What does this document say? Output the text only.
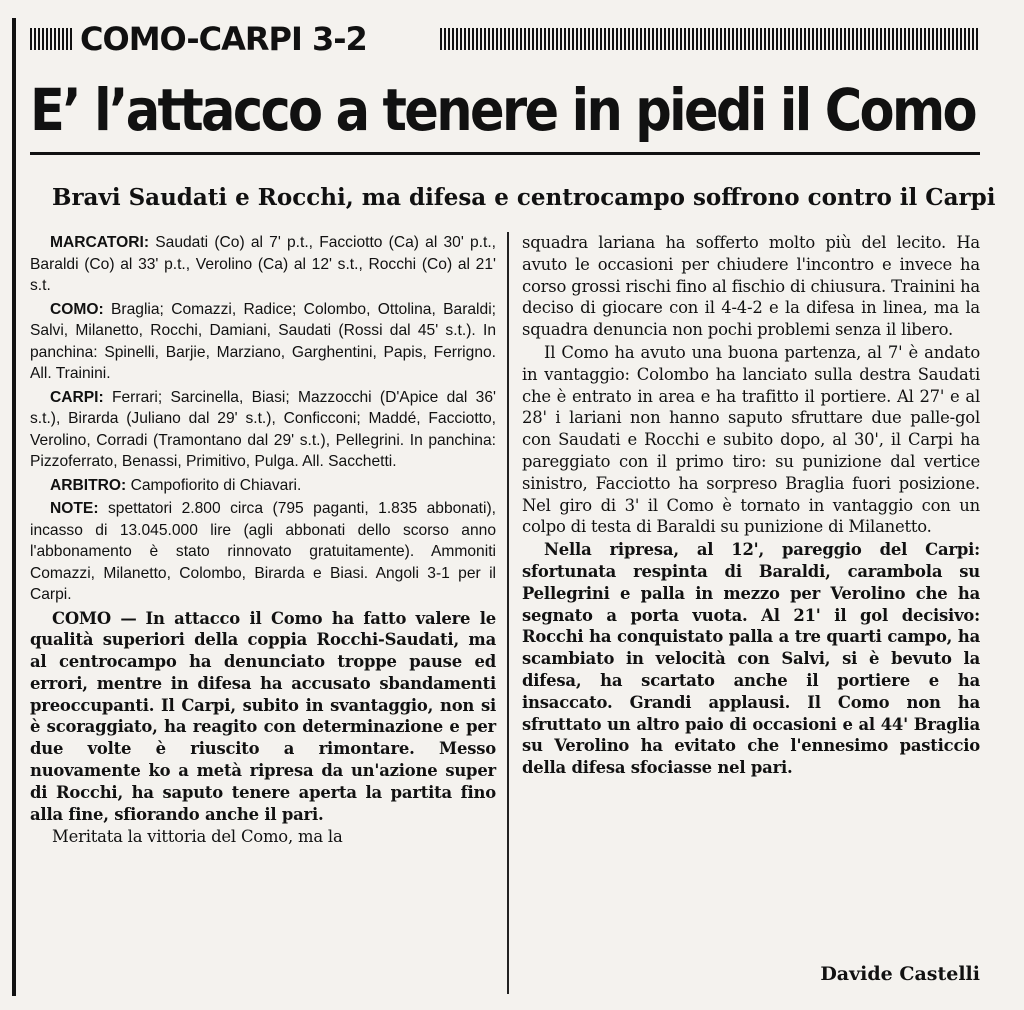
COMO-CARPI 3-2
E’ l’attacco a tenere in piedi il Como
Bravi Saudati e Rocchi, ma difesa e centrocampo soffrono contro il Carpi

MARCATORI: Saudati (Co) al 7' p.t., Facciotto (Ca) al 30' p.t., Baraldi (Co) al 33' p.t., Verolino (Ca) al 12' s.t., Rocchi (Co) al 21' s.t.

COMO: Braglia; Comazzi, Radice; Colombo, Ottolina, Baraldi; Salvi, Milanetto, Rocchi, Damiani, Saudati (Rossi dal 45' s.t.). In panchina: Spinelli, Barjie, Marziano, Garghentini, Papis, Ferrigno. All. Trainini.

CARPI: Ferrari; Sarcinella, Biasi; Mazzocchi (D'Apice dal 36' s.t.), Birarda (Juliano dal 29' s.t.), Conficconi; Maddé, Facciotto, Verolino, Corradi (Tramontano dal 29' s.t.), Pellegrini. In panchina: Pizzoferrato, Benassi, Primitivo, Pulga. All. Sacchetti.

ARBITRO: Campofiorito di Chiavari.

NOTE: spettatori 2.800 circa (795 paganti, 1.835 abbonati), incasso di 13.045.000 lire (agli abbonati dello scorso anno l'abbonamento è stato rinnovato gratuitamente). Ammoniti Comazzi, Milanetto, Colombo, Birarda e Biasi. Angoli 3-1 per il Carpi.

COMO — In attacco il Como ha fatto valere le qualità superiori della coppia Rocchi-Saudati, ma al centrocampo ha denunciato troppe pause ed errori, mentre in difesa ha accusato sbandamenti preoccupanti. Il Carpi, subito in svantaggio, non si è scoraggiato, ha reagito con determinazione e per due volte è riuscito a rimontare. Messo nuovamente ko a metà ripresa da un'azione super di Rocchi, ha saputo tenere aperta la partita fino alla fine, sfiorando anche il pari.

Meritata la vittoria del Como, ma la

squadra lariana ha sofferto molto più del lecito. Ha avuto le occasioni per chiudere l'incontro e invece ha corso grossi rischi fino al fischio di chiusura. Trainini ha deciso di giocare con il 4-4-2 e la difesa in linea, ma la squadra denuncia non pochi problemi senza il libero.

Il Como ha avuto una buona partenza, al 7' è andato in vantaggio: Colombo ha lanciato sulla destra Saudati che è entrato in area e ha trafitto il portiere. Al 27' e al 28' i lariani non hanno saputo sfruttare due palle-gol con Saudati e Rocchi e subito dopo, al 30', il Carpi ha pareggiato con il primo tiro: su punizione dal vertice sinistro, Facciotto ha sorpreso Braglia fuori posizione. Nel giro di 3' il Como è tornato in vantaggio con un colpo di testa di Baraldi su punizione di Milanetto.

Nella ripresa, al 12', pareggio del Carpi: sfortunata respinta di Baraldi, carambola su Pellegrini e palla in mezzo per Verolino che ha segnato a porta vuota. Al 21' il gol decisivo: Rocchi ha conquistato palla a tre quarti campo, ha scambiato in velocità con Salvi, si è bevuto la difesa, ha scartato anche il portiere e ha insaccato. Grandi applausi. Il Como non ha sfruttato un altro paio di occasioni e al 44' Braglia su Verolino ha evitato che l'ennesimo pasticcio della difesa sfociasse nel pari.

Davide Castelli
